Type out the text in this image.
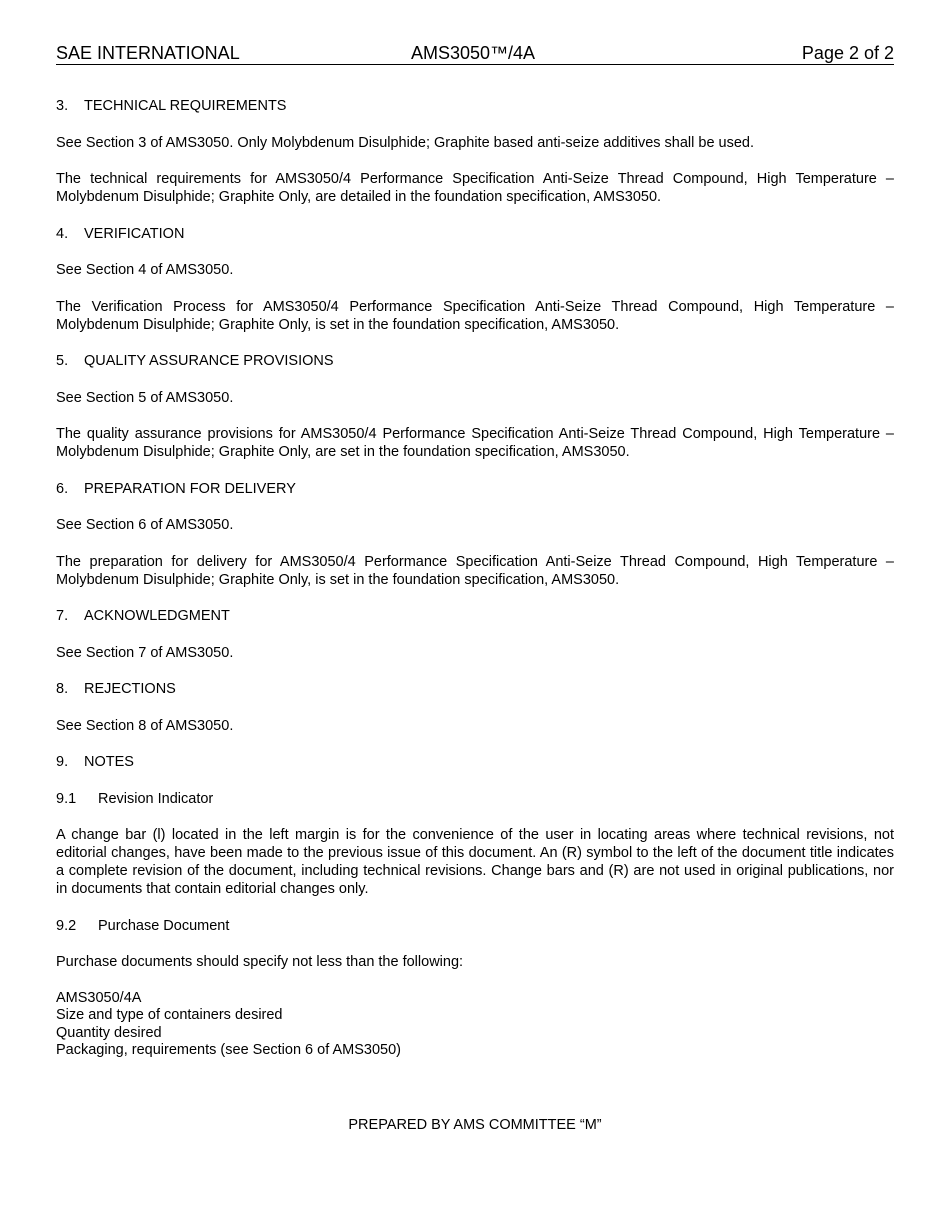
SAE INTERNATIONAL	AMS3050™/4A	Page 2 of 2
3. TECHNICAL REQUIREMENTS
See Section 3 of AMS3050. Only Molybdenum Disulphide; Graphite based anti-seize additives shall be used.
The technical requirements for AMS3050/4 Performance Specification Anti-Seize Thread Compound, High Temperature – Molybdenum Disulphide; Graphite Only, are detailed in the foundation specification, AMS3050.
4. VERIFICATION
See Section 4 of AMS3050.
The Verification Process for AMS3050/4 Performance Specification Anti-Seize Thread Compound, High Temperature – Molybdenum Disulphide; Graphite Only, is set in the foundation specification, AMS3050.
5. QUALITY ASSURANCE PROVISIONS
See Section 5 of AMS3050.
The quality assurance provisions for AMS3050/4 Performance Specification Anti-Seize Thread Compound, High Temperature – Molybdenum Disulphide; Graphite Only, are set in the foundation specification, AMS3050.
6. PREPARATION FOR DELIVERY
See Section 6 of AMS3050.
The preparation for delivery for AMS3050/4 Performance Specification Anti-Seize Thread Compound, High Temperature – Molybdenum Disulphide; Graphite Only, is set in the foundation specification, AMS3050.
7. ACKNOWLEDGMENT
See Section 7 of AMS3050.
8. REJECTIONS
See Section 8 of AMS3050.
9. NOTES
9.1 Revision Indicator
A change bar (l) located in the left margin is for the convenience of the user in locating areas where technical revisions, not editorial changes, have been made to the previous issue of this document. An (R) symbol to the left of the document title indicates a complete revision of the document, including technical revisions. Change bars and (R) are not used in original publications, nor in documents that contain editorial changes only.
9.2 Purchase Document
Purchase documents should specify not less than the following:
AMS3050/4A
Size and type of containers desired
Quantity desired
Packaging, requirements (see Section 6 of AMS3050)
PREPARED BY AMS COMMITTEE “M”
